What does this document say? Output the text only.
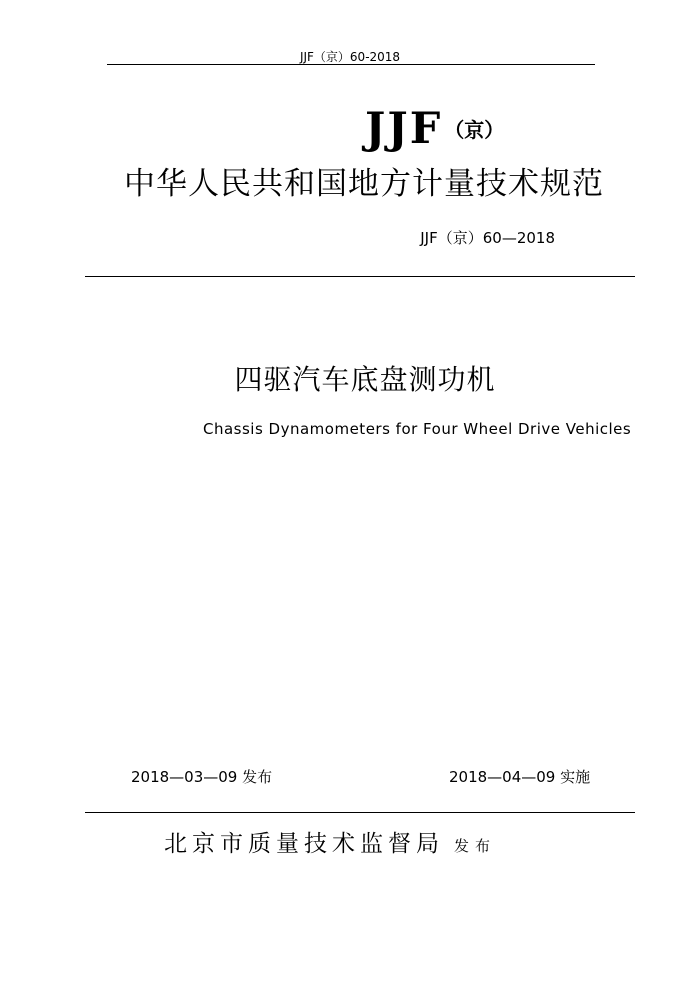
JJF（京）60-2018
JJF （京）
中华人民共和国地方计量技术规范
JJF（京）60—2018
四驱汽车底盘测功机
Chassis Dynamometers for Four Wheel Drive Vehicles
2018—03—09 发布	2018—04—09 实施
北京市质量技术监督局 发布
